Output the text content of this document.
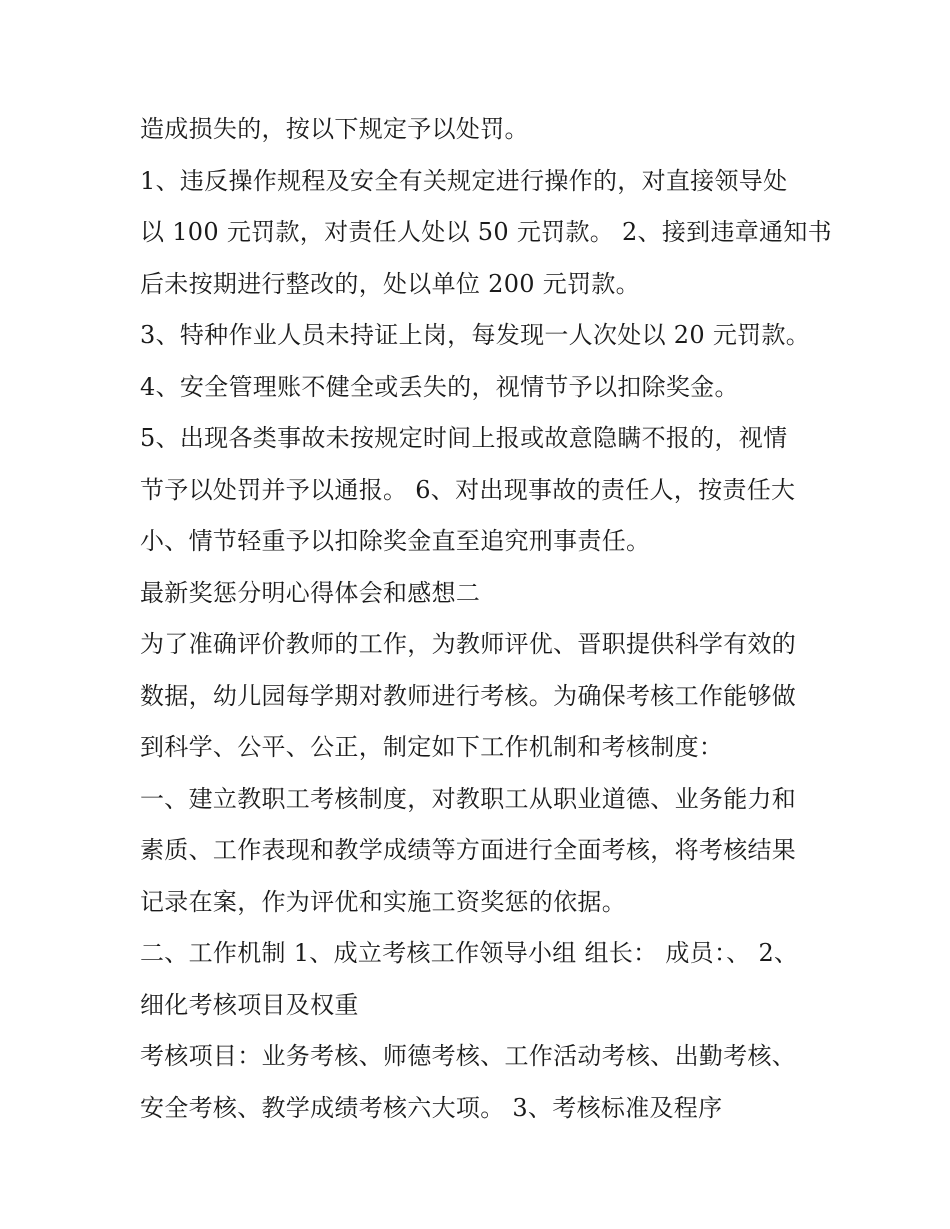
造成损失的，按以下规定予以处罚。
1、违反操作规程及安全有关规定进行操作的，对直接领导处
以 100 元罚款，对责任人处以 50 元罚款。 2、接到违章通知书
后未按期进行整改的，处以单位 200 元罚款。
3、特种作业人员未持证上岗，每发现一人次处以 20 元罚款。
4、安全管理账不健全或丢失的，视情节予以扣除奖金。
5、出现各类事故未按规定时间上报或故意隐瞒不报的，视情
节予以处罚并予以通报。 6、对出现事故的责任人，按责任大
小、情节轻重予以扣除奖金直至追究刑事责任。
最新奖惩分明心得体会和感想二
为了准确评价教师的工作，为教师评优、晋职提供科学有效的
数据，幼儿园每学期对教师进行考核。为确保考核工作能够做
到科学、公平、公正，制定如下工作机制和考核制度：
一、建立教职工考核制度，对教职工从职业道德、业务能力和
素质、工作表现和教学成绩等方面进行全面考核，将考核结果
记录在案，作为评优和实施工资奖惩的依据。
二、工作机制 1、成立考核工作领导小组 组长： 成员：、 2、
细化考核项目及权重
考核项目：业务考核、师德考核、工作活动考核、出勤考核、
安全考核、教学成绩考核六大项。 3、考核标准及程序
